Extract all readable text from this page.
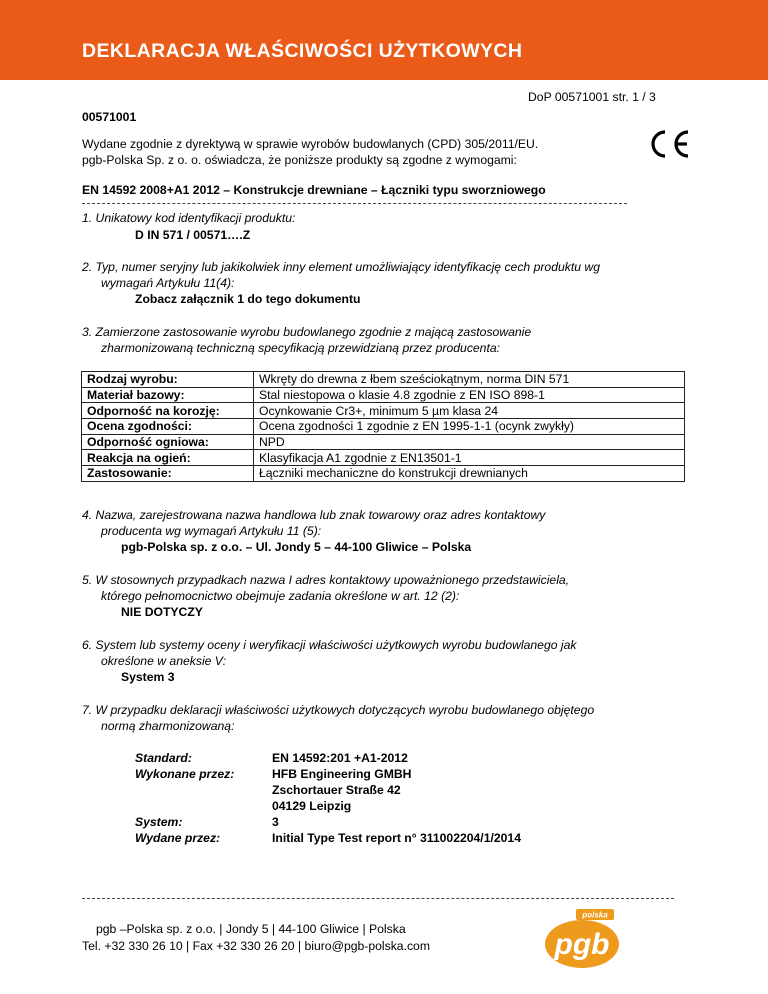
DEKLARACJA WŁAŚCIWOŚCI UŻYTKOWYCH
DoP 00571001 str. 1 / 3
00571001
Wydane zgodnie z dyrektywą w sprawie wyrobów budowlanych (CPD) 305/2011/EU.
pgb-Polska Sp. z o. o. oświadcza, że poniższe produkty są zgodne z wymogami:
EN 14592 2008+A1 2012 – Konstrukcje drewniane – Łączniki typu sworzniowego
1. Unikatowy kod identyfikacji produktu:
D IN 571 / 00571….Z
2. Typ, numer seryjny lub jakikolwiek inny element umożliwiający identyfikację cech produktu wg
wymagań Artykułu 11(4):
Zobacz załącznik 1 do tego dokumentu
3. Zamierzone zastosowanie wyrobu budowlanego zgodnie z mającą zastosowanie
zharmonizowaną techniczną specyfikacją przewidzianą przez producenta:
Rodzaj wyrobu:	Wkręty do drewna z łbem sześciokątnym, norma DIN 571
Materiał bazowy:	Stal niestopowa o klasie 4.8 zgodnie z EN ISO 898-1
Odporność na korozję:	Ocynkowanie Cr3+, minimum 5 µm klasa 24
Ocena zgodności:	Ocena zgodności 1 zgodnie z EN 1995-1-1 (ocynk zwykły)
Odporność ogniowa:	NPD
Reakcja na ogień:	Klasyfikacja A1 zgodnie z EN13501-1
Zastosowanie:	Łączniki mechaniczne do konstrukcji drewnianych
4. Nazwa, zarejestrowana nazwa handlowa lub znak towarowy oraz adres kontaktowy
producenta wg wymagań Artykułu 11 (5):
pgb-Polska sp. z o.o. – Ul. Jondy 5 – 44-100 Gliwice – Polska
5. W stosownych przypadkach nazwa I adres kontaktowy upoważnionego przedstawiciela,
którego pełnomocnictwo obejmuje zadania określone w art. 12 (2):
NIE DOTYCZY
6. System lub systemy oceny i weryfikacji właściwości użytkowych wyrobu budowlanego jak
określone w aneksie V:
System 3
7. W przypadku deklaracji właściwości użytkowych dotyczących wyrobu budowlanego objętego
normą zharmonizowaną:
Standard:	EN 14592:201 +A1-2012
Wykonane przez:	HFB Engineering GMBH
Zschortauer Straße 42
04129 Leipzig
System:	3
Wydane przez:	Initial Type Test report n° 311002204/1/2014
pgb –Polska sp. z o.o. | Jondy 5 | 44-100 Gliwice | Polska
Tel. +32 330 26 10 | Fax +32 330 26 20 | biuro@pgb-polska.com
polska
pgb
